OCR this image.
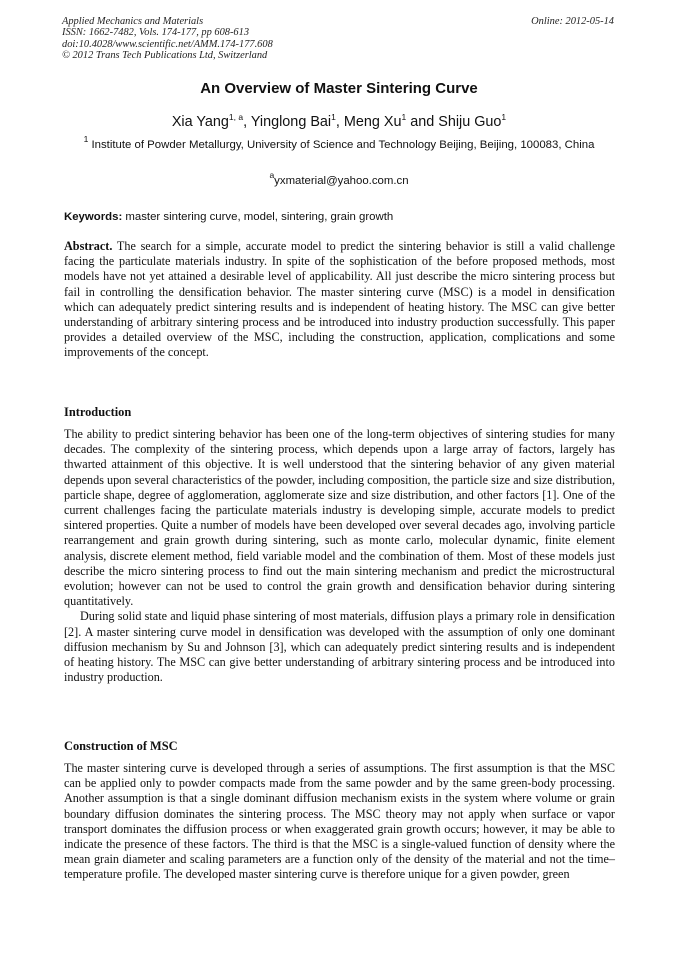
Applied Mechanics and Materials
ISSN: 1662-7482, Vols. 174-177, pp 608-613
doi:10.4028/www.scientific.net/AMM.174-177.608
© 2012 Trans Tech Publications Ltd, Switzerland
Online: 2012-05-14
An Overview of Master Sintering Curve
Xia Yang$^{1, a}$, Yinglong Bai$^1$, Meng Xu$^1$ and Shiju Guo$^1$
$^1$ Institute of Powder Metallurgy, University of Science and Technology Beijing, Beijing, 100083, China
$^a$yxmaterial@yahoo.com.cn
Keywords: master sintering curve, model, sintering, grain growth
Abstract. The search for a simple, accurate model to predict the sintering behavior is still a valid challenge facing the particulate materials industry. In spite of the sophistication of the before proposed methods, most models have not yet attained a desirable level of applicability. All just describe the micro sintering process but fail in controlling the densification behavior. The master sintering curve (MSC) is a model in densification which can adequately predict sintering results and is independent of heating history. The MSC can give better understanding of arbitrary sintering process and be introduced into industry production successfully. This paper provides a detailed overview of the MSC, including the construction, application, complications and some improvements of the concept.
Introduction
The ability to predict sintering behavior has been one of the long-term objectives of sintering studies for many decades. The complexity of the sintering process, which depends upon a large array of factors, largely has thwarted attainment of this objective. It is well understood that the sintering behavior of any given material depends upon several characteristics of the powder, including composition, the particle size and size distribution, particle shape, degree of agglomeration, agglomerate size and size distribution, and other factors [1]. One of the current challenges facing the particulate materials industry is developing simple, accurate models to predict sintered properties. Quite a number of models have been developed over several decades ago, involving particle rearrangement and grain growth during sintering, such as monte carlo, molecular dynamic, finite element analysis, discrete element method, field variable model and the combination of them. Most of these models just describe the micro sintering process to find out the main sintering mechanism and predict the microstructural evolution; however can not be used to control the grain growth and densification behavior during sintering quantitatively.
During solid state and liquid phase sintering of most materials, diffusion plays a primary role in densification [2]. A master sintering curve model in densification was developed with the assumption of only one dominant diffusion mechanism by Su and Johnson [3], which can adequately predict sintering results and is independent of heating history. The MSC can give better understanding of arbitrary sintering process and be introduced into industry production.
Construction of MSC
The master sintering curve is developed through a series of assumptions. The first assumption is that the MSC can be applied only to powder compacts made from the same powder and by the same green-body processing. Another assumption is that a single dominant diffusion mechanism exists in the system where volume or grain boundary diffusion dominates the sintering process. The MSC theory may not apply when surface or vapor transport dominates the diffusion process or when exaggerated grain growth occurs; however, it may be able to indicate the presence of these factors. The third is that the MSC is a single-valued function of density where the mean grain diameter and scaling parameters are a function only of the density of the material and not the time–temperature profile. The developed master sintering curve is therefore unique for a given powder, green
